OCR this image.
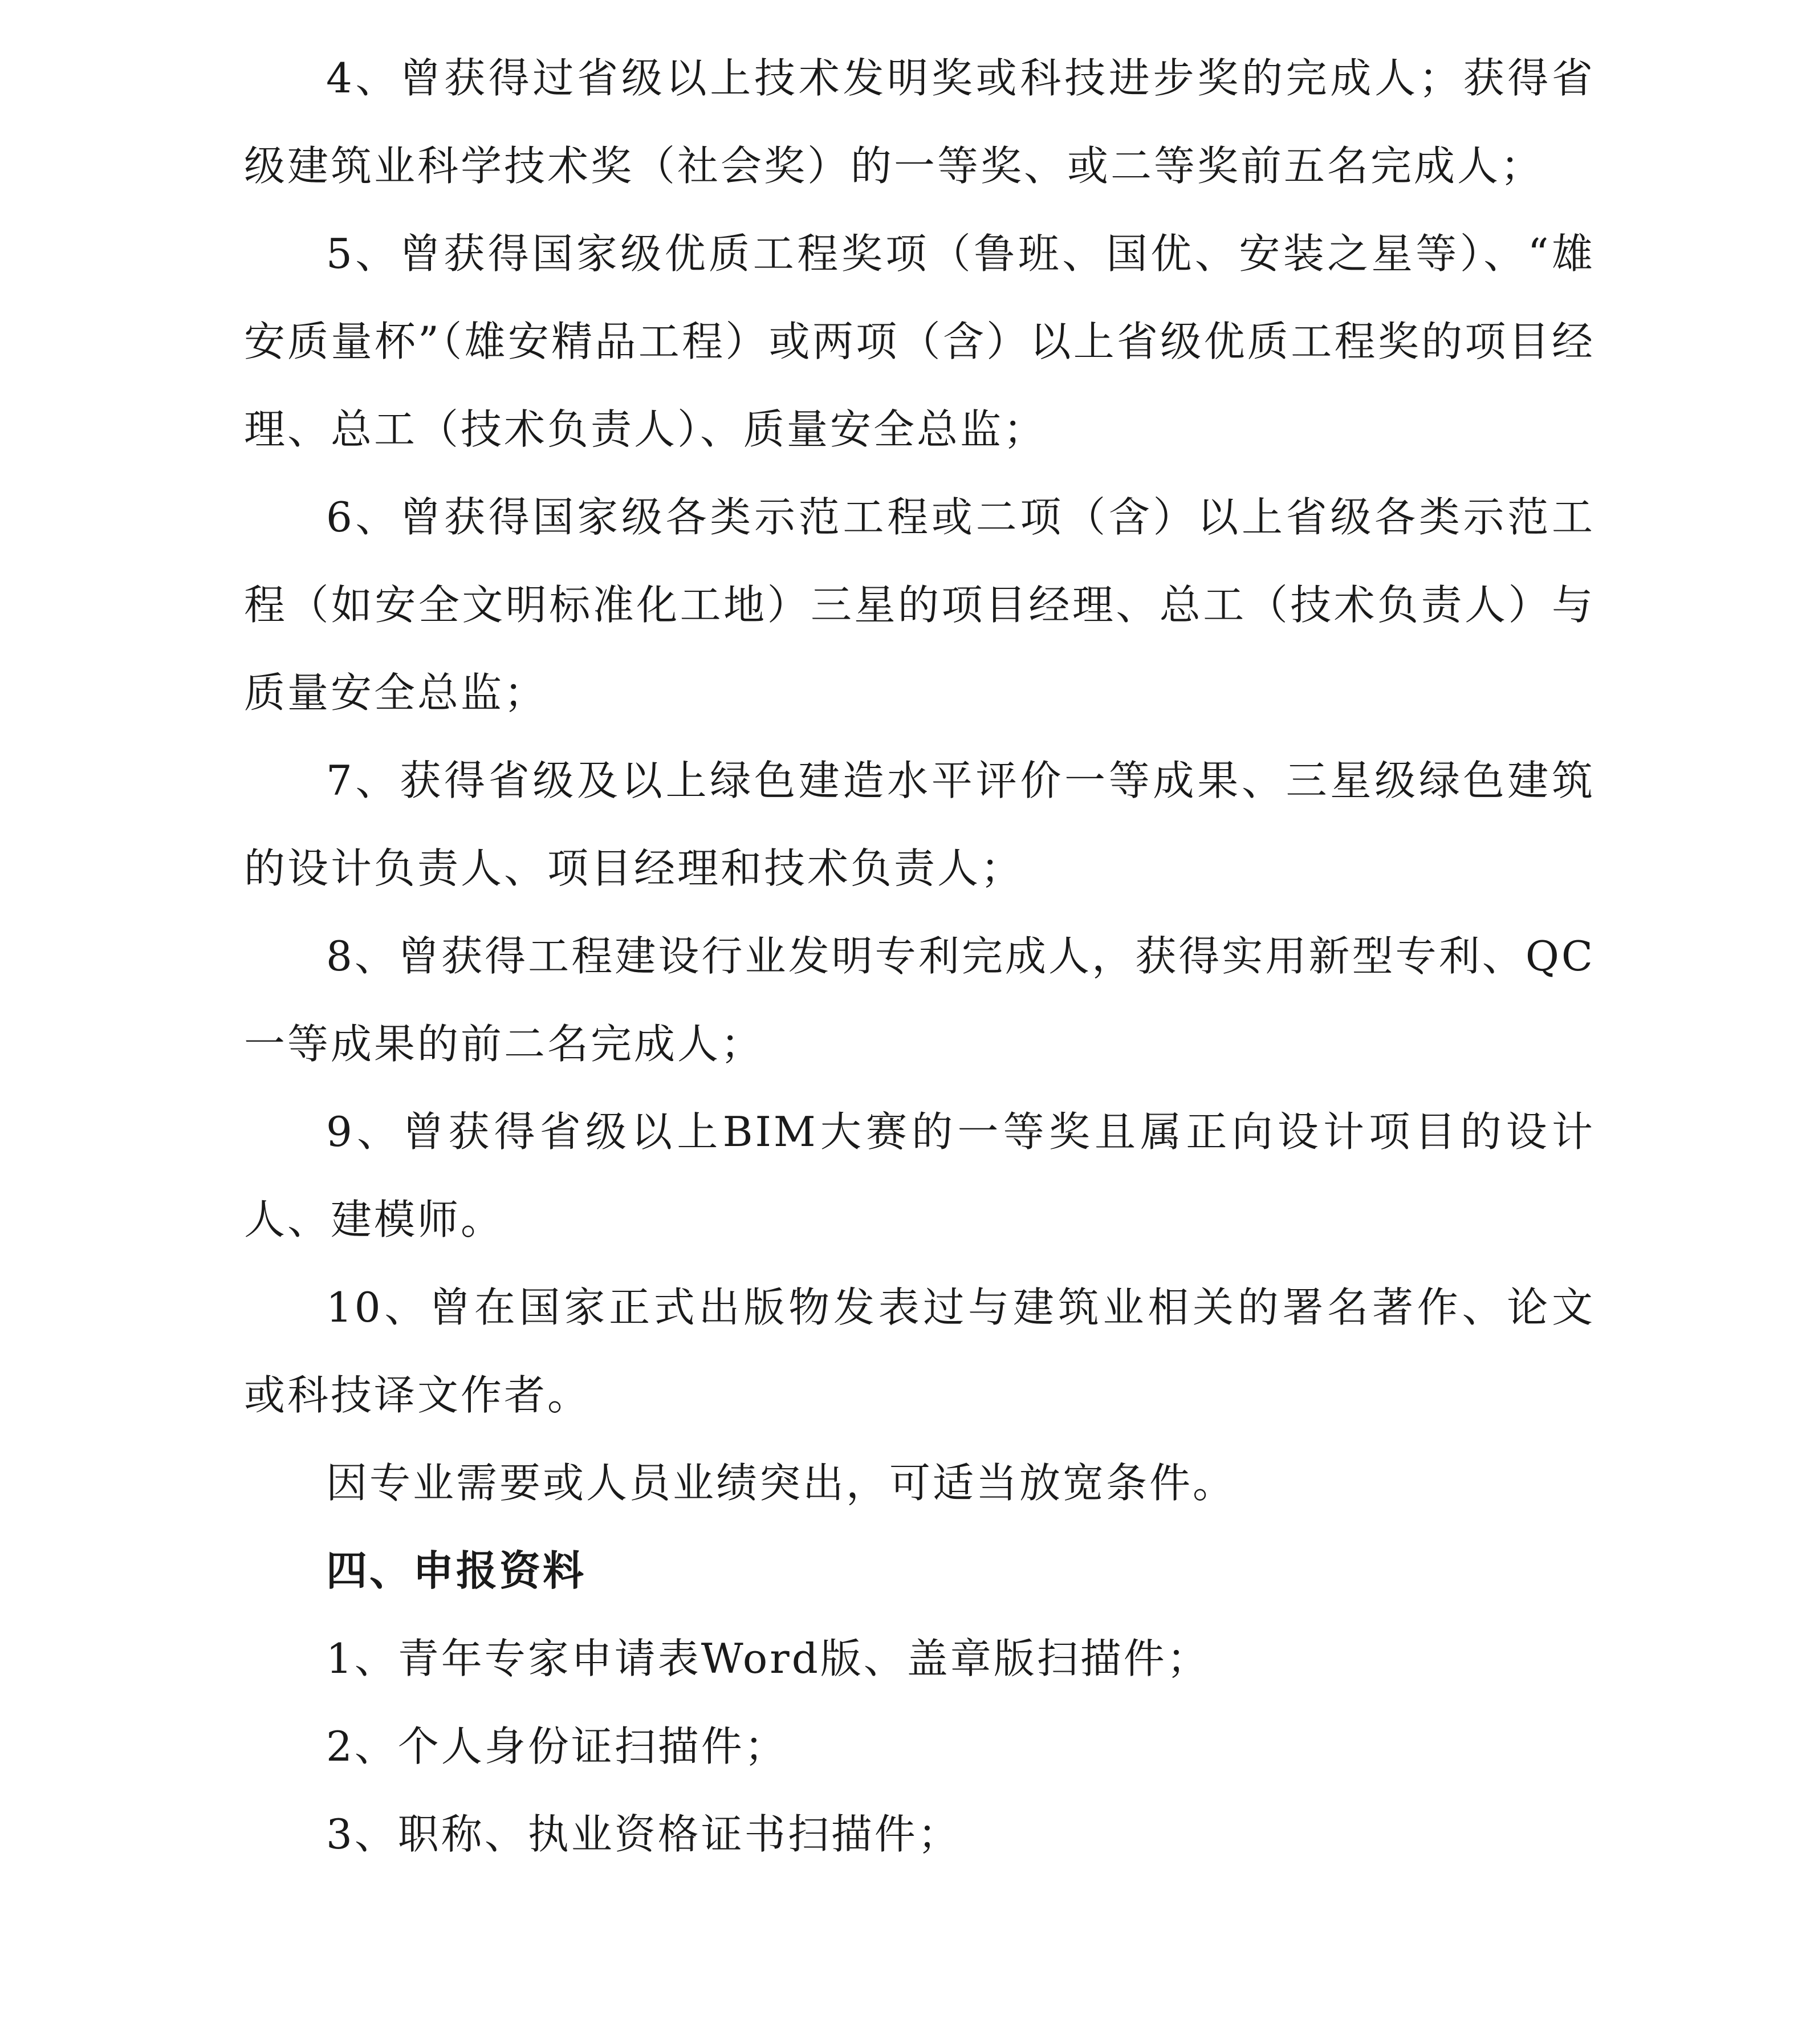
4、曾获得过省级以上技术发明奖或科技进步奖的完成人；获得省级建筑业科学技术奖（社会奖）的一等奖、或二等奖前五名完成人；

5、曾获得国家级优质工程奖项（鲁班、国优、安装之星等）、“雄安质量杯”（雄安精品工程）或两项（含）以上省级优质工程奖的项目经理、总工（技术负责人）、质量安全总监；

6、曾获得国家级各类示范工程或二项（含）以上省级各类示范工程（如安全文明标准化工地）三星的项目经理、总工（技术负责人）与质量安全总监；

7、获得省级及以上绿色建造水平评价一等成果、三星级绿色建筑的设计负责人、项目经理和技术负责人；

8、曾获得工程建设行业发明专利完成人，获得实用新型专利、QC一等成果的前二名完成人；

9、曾获得省级以上BIM大赛的一等奖且属正向设计项目的设计人、建模师。

10、曾在国家正式出版物发表过与建筑业相关的署名著作、论文或科技译文作者。

因专业需要或人员业绩突出，可适当放宽条件。

四、申报资料

1、青年专家申请表Word版、盖章版扫描件；

2、个人身份证扫描件；

3、职称、执业资格证书扫描件；
